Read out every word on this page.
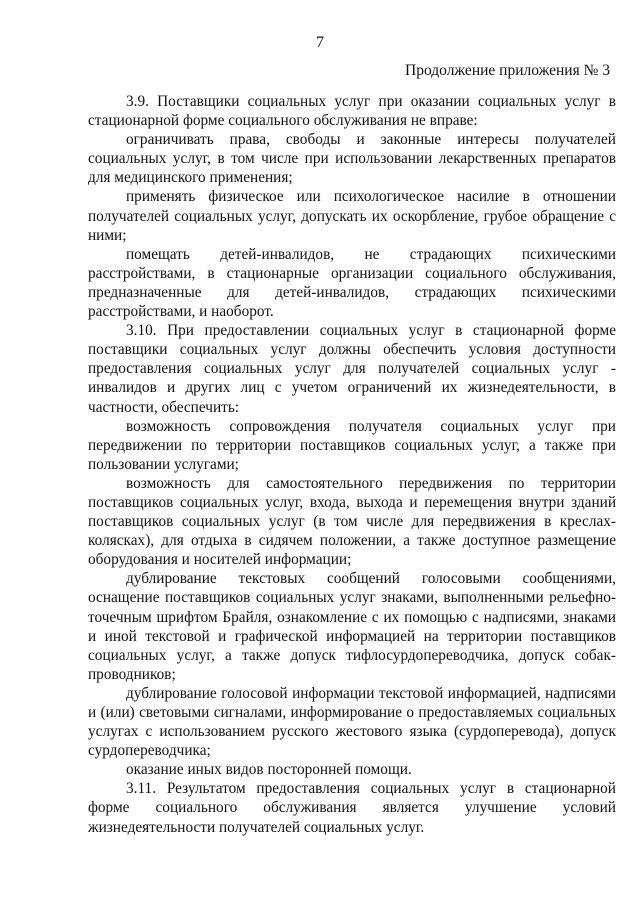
7
Продолжение приложения № 3

3.9. Поставщики социальных услуг при оказании социальных услуг в стационарной форме социального обслуживания не вправе:

ограничивать права, свободы и законные интересы получателей социальных услуг, в том числе при использовании лекарственных препаратов для медицинского применения;

применять физическое или психологическое насилие в отношении получателей социальных услуг, допускать их оскорбление, грубое обращение с ними;

помещать детей-инвалидов, не страдающих психическими расстройствами, в стационарные организации социального обслуживания, предназначенные для детей-инвалидов, страдающих психическими расстройствами, и наоборот.

3.10. При предоставлении социальных услуг в стационарной форме поставщики социальных услуг должны обеспечить условия доступности предоставления социальных услуг для получателей социальных услуг - инвалидов и других лиц с учетом ограничений их жизнедеятельности, в частности, обеспечить:

возможность сопровождения получателя социальных услуг при передвижении по территории поставщиков социальных услуг, а также при пользовании услугами;

возможность для самостоятельного передвижения по территории поставщиков социальных услуг, входа, выхода и перемещения внутри зданий поставщиков социальных услуг (в том числе для передвижения в креслах-колясках), для отдыха в сидячем положении, а также доступное размещение оборудования и носителей информации;

дублирование текстовых сообщений голосовыми сообщениями, оснащение поставщиков социальных услуг знаками, выполненными рельефно-точечным шрифтом Брайля, ознакомление с их помощью с надписями, знаками и иной текстовой и графической информацией на территории поставщиков социальных услуг, а также допуск тифлосурдопереводчика, допуск собак-проводников;

дублирование голосовой информации текстовой информацией, надписями и (или) световыми сигналами, информирование о предоставляемых социальных услугах с использованием русского жестового языка (сурдоперевода), допуск сурдопереводчика;

оказание иных видов посторонней помощи.

3.11. Результатом предоставления социальных услуг в стационарной форме социального обслуживания является улучшение условий жизнедеятельности получателей социальных услуг.
